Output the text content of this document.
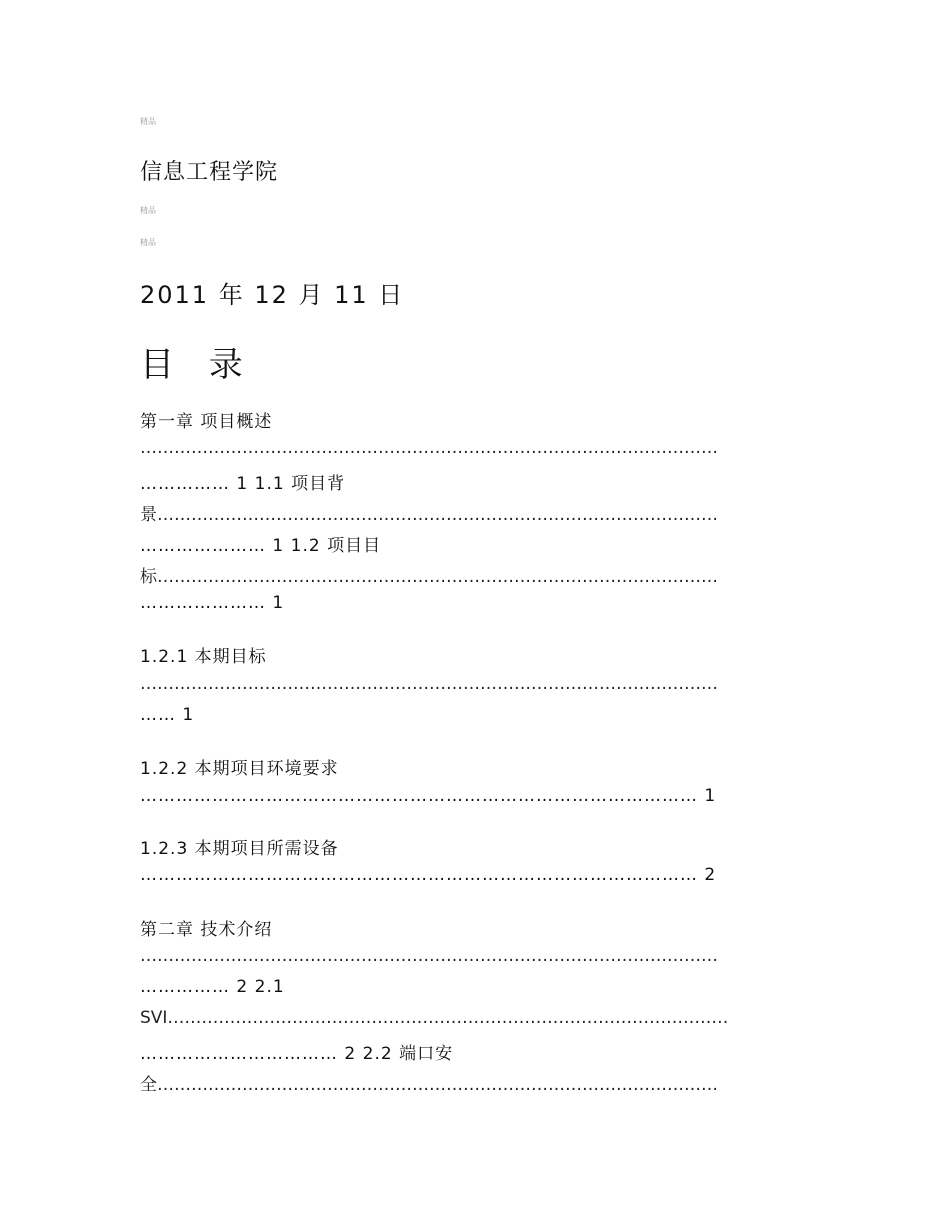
精品
信息工程学院
精品
精品
2011 年 12 月 11 日
目 录
第一章 项目概述
…………………………………………………………………………………………
…………… 1 1.1 项目背
景………………………………………………………………………………………
………………… 1 1.2 项目目
标………………………………………………………………………………………
………………… 1
1.2.1 本期目标
…………………………………………………………………………………………
…… 1
1.2.2 本期项目环境要求
………………………………………………………………………………… 1
1.2.3 本期项目所需设备
………………………………………………………………………………… 2
第二章 技术介绍
…………………………………………………………………………………………
…………… 2 2.1
SVI………………………………………………………………………………………
…………………………… 2 2.2 端口安
全………………………………………………………………………………………
